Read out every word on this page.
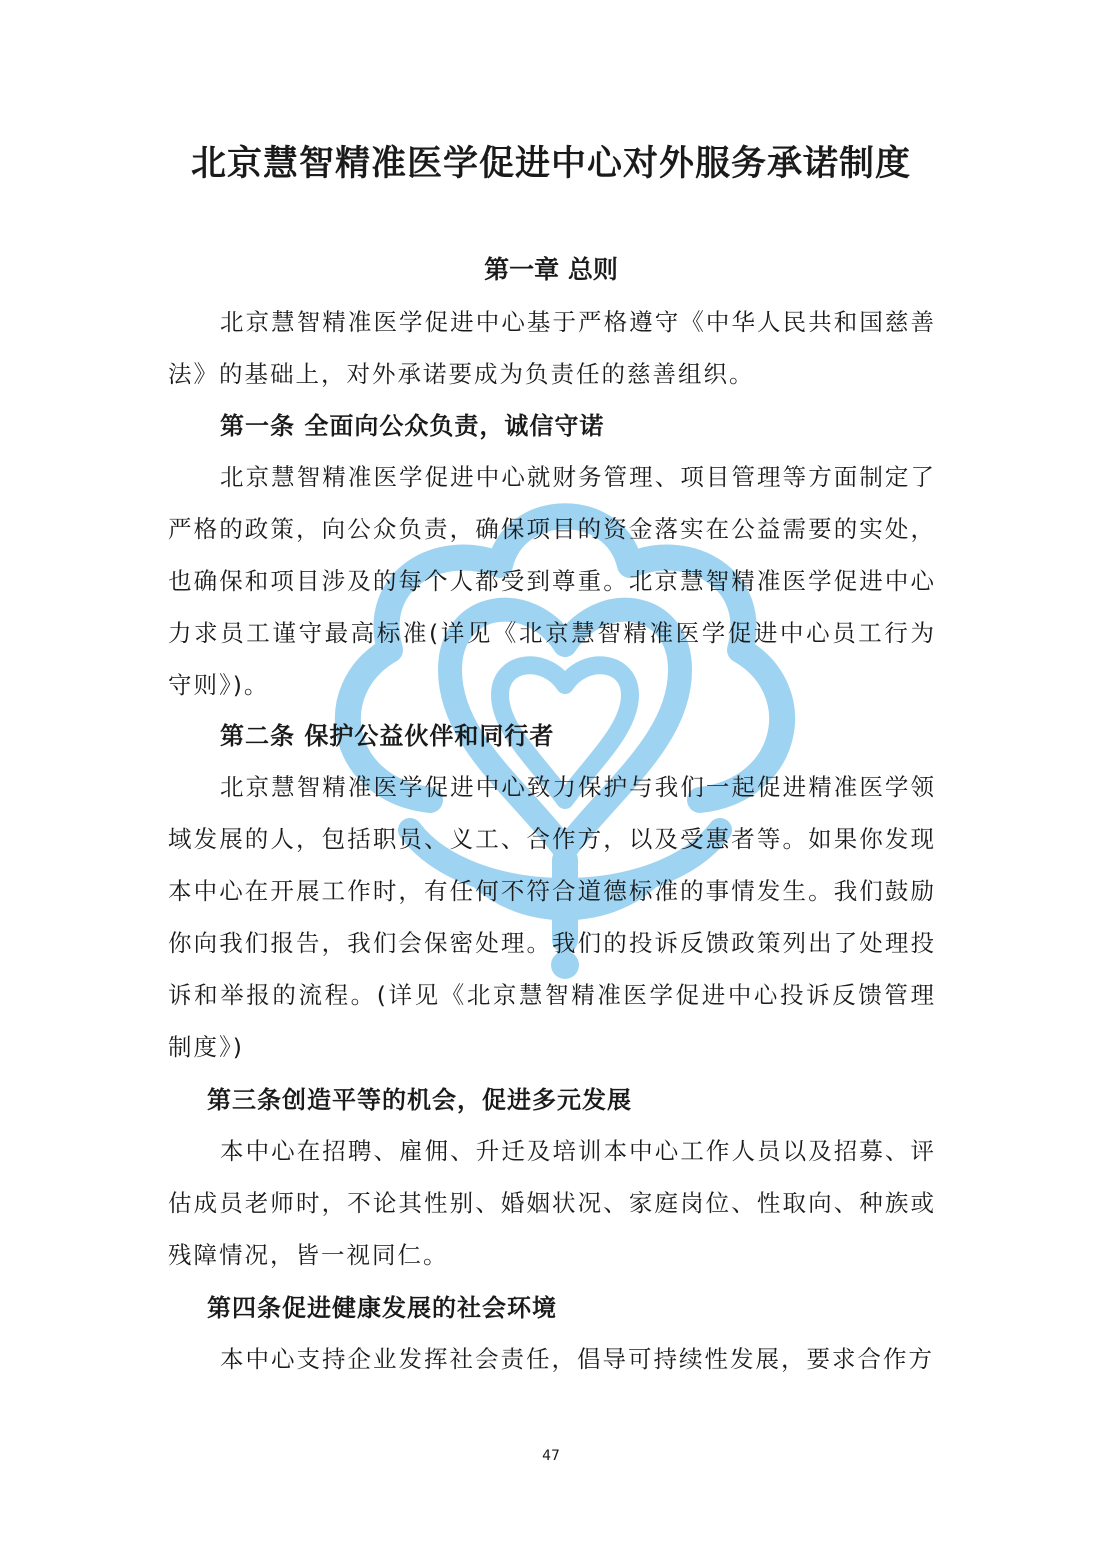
北京慧智精准医学促进中心对外服务承诺制度
第一章 总则
北京慧智精准医学促进中心基于严格遵守《中华人民共和国慈善法》的基础上，对外承诺要成为负责任的慈善组织。
第一条 全面向公众负责，诚信守诺
北京慧智精准医学促进中心就财务管理、项目管理等方面制定了严格的政策，向公众负责，确保项目的资金落实在公益需要的实处，也确保和项目涉及的每个人都受到尊重。北京慧智精准医学促进中心力求员工谨守最高标准(详见《北京慧智精准医学促进中心员工行为守则》)。
第二条 保护公益伙伴和同行者
北京慧智精准医学促进中心致力保护与我们一起促进精准医学领域发展的人，包括职员、义工、合作方，以及受惠者等。如果你发现本中心在开展工作时，有任何不符合道德标准的事情发生。我们鼓励你向我们报告，我们会保密处理。我们的投诉反馈政策列出了处理投诉和举报的流程。(详见《北京慧智精准医学促进中心投诉反馈管理制度》)
第三条创造平等的机会，促进多元发展
本中心在招聘、雇佣、升迁及培训本中心工作人员以及招募、评估成员老师时，不论其性别、婚姻状况、家庭岗位、性取向、种族或残障情况，皆一视同仁。
第四条促进健康发展的社会环境
本中心支持企业发挥社会责任，倡导可持续性发展，要求合作方
47
